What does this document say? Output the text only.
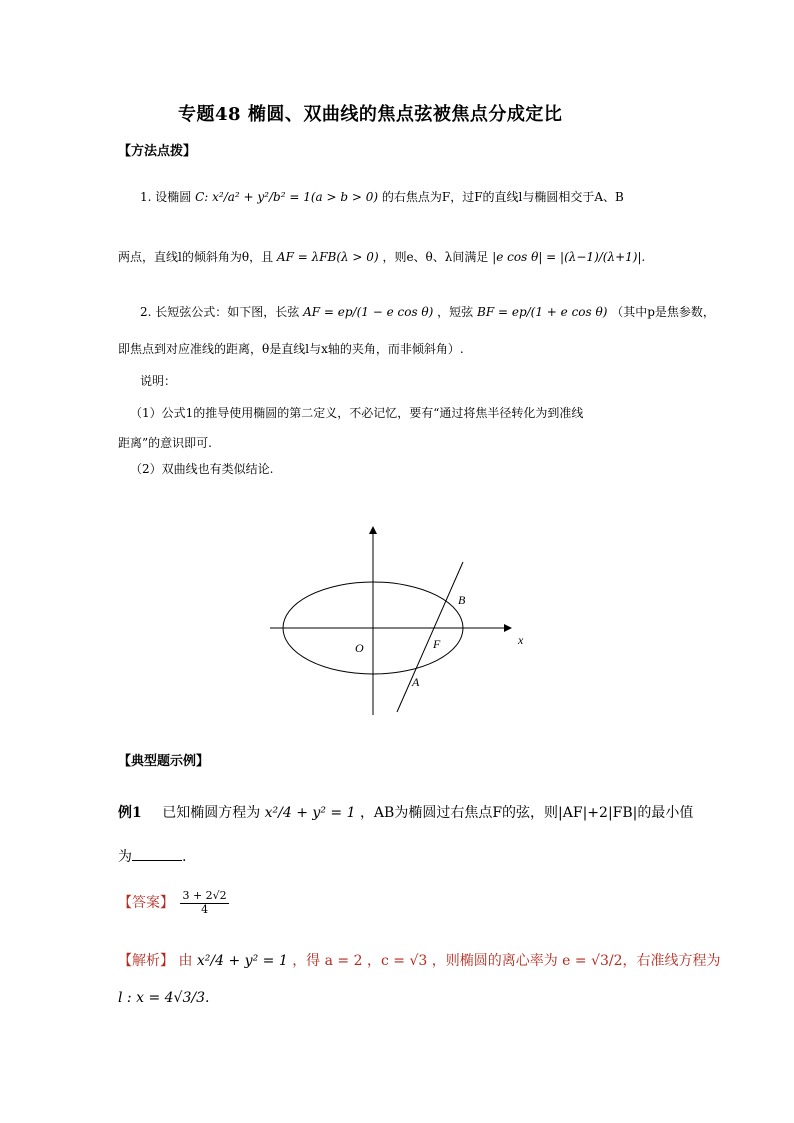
专题48 椭圆、双曲线的焦点弦被焦点分成定比
【方法点拨】
1. 设椭圆 C: x²/a² + y²/b² = 1(a > b > 0) 的右焦点为F，过F的直线l与椭圆相交于A、B
两点，直线l的倾斜角为θ，且 AF = λFB(λ > 0) ，则e、θ、λ间满足 |e cos θ| = |(λ−1)/(λ+1)|.
2. 长短弦公式：如下图，长弦 AF = ep/(1 − e cos θ) ，短弦 BF = ep/(1 + e cos θ) （其中p是焦参数，
即焦点到对应准线的距离，θ是直线l与x轴的夹角，而非倾斜角）.
说明：
（1）公式1的推导使用椭圆的第二定义，不必记忆，要有“通过将焦半径转化为到准线
距离”的意识即可.
（2）双曲线也有类似结论.
x
O	F
A
B
【典型题示例】
例1 已知椭圆方程为 x²/4 + y² = 1 ，AB为椭圆过右焦点F的弦，则|AF|+2|FB|的最小值
为	.
【答案】 $\frac{3 + 2√2}{4}$
【解析】 由 x²/4 + y² = 1 ，得 a = 2 ，c = √3 ，则椭圆的离心率为 e = √3/2，右准线方程为
l : x = 4√3/3.
